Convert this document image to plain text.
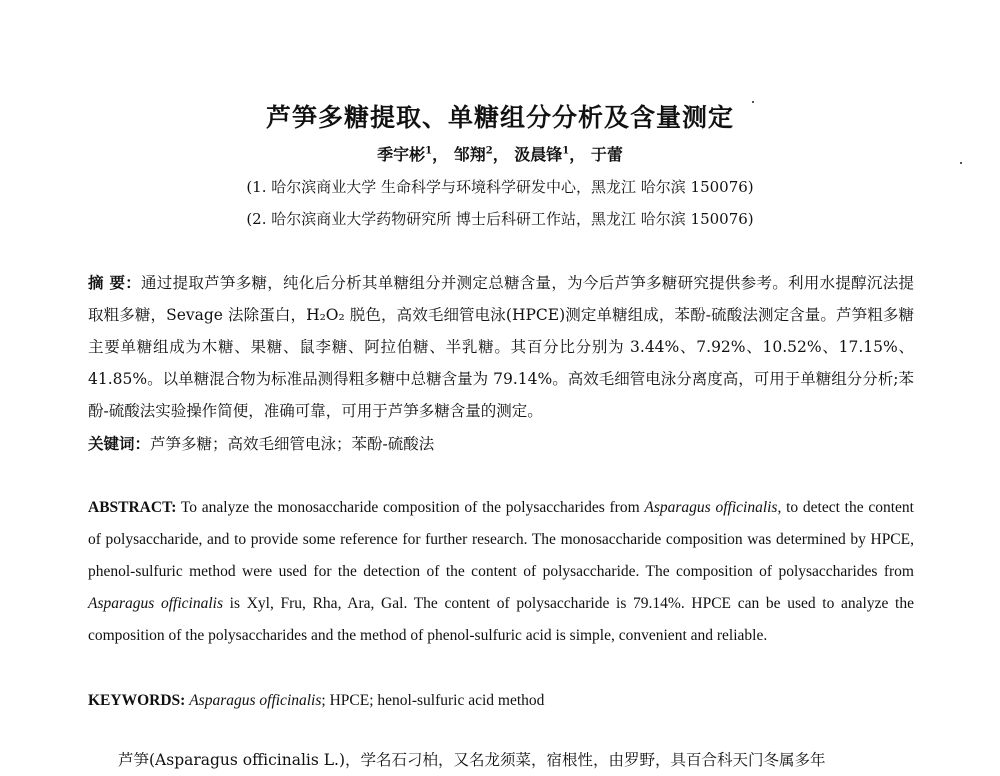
芦笋多糖提取、单糖组分分析及含量测定
季宇彬$^1$， 邹翔$^2$， 汲晨锋$^1$， 于蕾
(1. 哈尔滨商业大学 生命科学与环境科学研发中心，黑龙江 哈尔滨 150076)
(2. 哈尔滨商业大学药物研究所 博士后科研工作站，黑龙江 哈尔滨 150076)
摘 要：通过提取芦笋多糖，纯化后分析其单糖组分并测定总糖含量，为今后芦笋多糖研究提供参考。利用水提醇沉法提取粗多糖，Sevage 法除蛋白，H₂O₂ 脱色，高效毛细管电泳(HPCE)测定单糖组成，苯酚-硫酸法测定含量。芦笋粗多糖主要单糖组成为木糖、果糖、鼠李糖、阿拉伯糖、半乳糖。其百分比分别为 3.44%、7.92%、10.52%、17.15%、41.85%。以单糖混合物为标准品测得粗多糖中总糖含量为 79.14%。高效毛细管电泳分离度高，可用于单糖组分分析;苯酚-硫酸法实验操作简便，准确可靠，可用于芦笋多糖含量的测定。
关键词：芦笋多糖；高效毛细管电泳；苯酚-硫酸法
ABSTRACT: To analyze the monosaccharide composition of the polysaccharides from Asparagus officinalis, to detect the content of polysaccharide, and to provide some reference for further research. The monosaccharide composition was determined by HPCE, phenol-sulfuric method were used for the detection of the content of polysaccharide. The composition of polysaccharides from Asparagus officinalis is Xyl, Fru, Rha, Ara, Gal. The content of polysaccharide is 79.14%. HPCE can be used to analyze the composition of the polysaccharides and the method of phenol-sulfuric acid is simple, convenient and reliable.
KEYWORDS: Asparagus officinalis; HPCE; henol-sulfuric acid method
芦笋(Asparagus officinalis L.)，学名石刁柏，又名龙须菜，宿根性，由罗野，具百合科天门冬属多年
